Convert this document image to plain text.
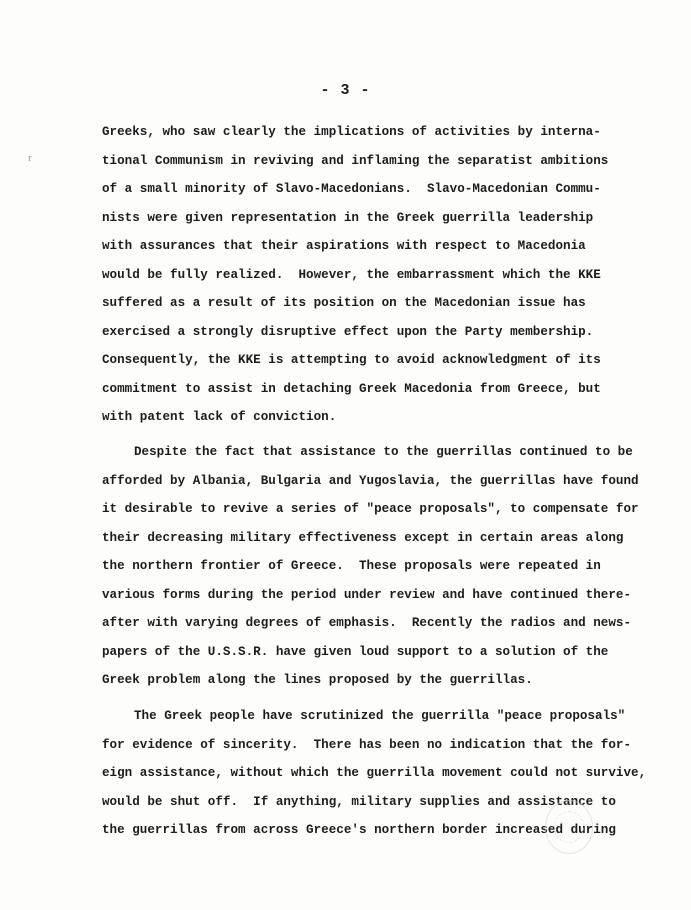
- 3 -
r
Greeks, who saw clearly the implications of activities by interna-
tional Communism in reviving and inflaming the separatist ambitions
of a small minority of Slavo-Macedonians.  Slavo-Macedonian Commu-
nists were given representation in the Greek guerrilla leadership
with assurances that their aspirations with respect to Macedonia
would be fully realized.  However, the embarrassment which the KKE
suffered as a result of its position on the Macedonian issue has
exercised a strongly disruptive effect upon the Party membership.
Consequently, the KKE is attempting to avoid acknowledgment of its
commitment to assist in detaching Greek Macedonia from Greece, but
with patent lack of conviction.
Despite the fact that assistance to the guerrillas continued to be
afforded by Albania, Bulgaria and Yugoslavia, the guerrillas have found
it desirable to revive a series of "peace proposals", to compensate for
their decreasing military effectiveness except in certain areas along
the northern frontier of Greece.  These proposals were repeated in
various forms during the period under review and have continued there-
after with varying degrees of emphasis.  Recently the radios and news-
papers of the U.S.S.R. have given loud support to a solution of the
Greek problem along the lines proposed by the guerrillas.
The Greek people have scrutinized the guerrilla "peace proposals"
for evidence of sincerity.  There has been no indication that the for-
eign assistance, without which the guerrilla movement could not survive,
would be shut off.  If anything, military supplies and assistance to
the guerrillas from across Greece's northern border increased during
